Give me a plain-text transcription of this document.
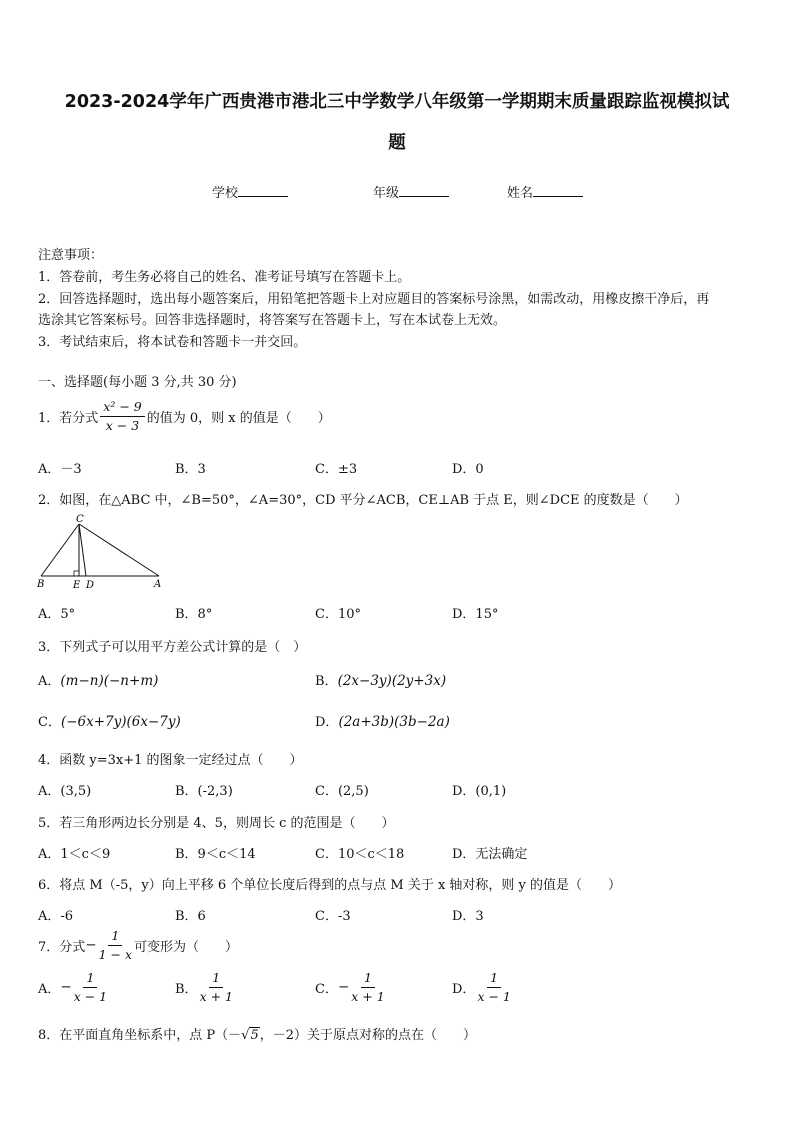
2023-2024学年广西贵港市港北三中学数学八年级第一学期期末质量跟踪监视模拟试
题
学校	年级	姓名
注意事项：
1．答卷前，考生务必将自己的姓名、准考证号填写在答题卡上。
2．回答选择题时，选出每小题答案后，用铅笔把答题卡上对应题目的答案标号涂黑，如需改动，用橡皮擦干净后，再
选涂其它答案标号。回答非选择题时，将答案写在答题卡上，写在本试卷上无效。
3．考试结束后，将本试卷和答题卡一并交回。
一、选择题(每小题 3 分,共 30 分)
1．若分式 $\frac{\text{x² − 9}}{x - 3}$ 的值为 0，则 x 的值是（　　）
A．－3	B．3	C．±3	D．0
2．如图，在△ABC 中，∠B=50°，∠A=30°，CD 平分∠ACB，CE⊥AB 于点 E，则∠DCE 的度数是（　　）
C
B	E D	A
A．5°	B．8°	C．10°	D．15°
3．下列式子可以用平方差公式计算的是（　）
A．(m−n)(−n+m)	B．(2x−3y)(2y+3x)
C．(−6x+7y)(6x−7y)	D．(2a+3b)(3b−2a)
4．函数 y=3x+1 的图象一定经过点（　　）
A．(3,5)	B．(-2,3)	C．(2,5)	D．(0,1)
5．若三角形两边长分别是 4、5，则周长 c 的范围是（　　）
A．1＜c＜9	B．9＜c＜14	C．10＜c＜18	D．无法确定
6．将点 M（-5，y）向上平移 6 个单位长度后得到的点与点 M 关于 x 轴对称，则 y 的值是（　　）
A．-6	B．6	C．-3	D．3
7．分式 − $\frac{1}{1 - x}$ 可变形为（　　）
A． − $\frac{1}{x - 1}$	B． $\frac{1}{x + 1}$	C． − $\frac{1}{x + 1}$	D． $\frac{1}{x - 1}$
8．在平面直角坐标系中，点 P（－√5，－2）关于原点对称的点在（　　）
